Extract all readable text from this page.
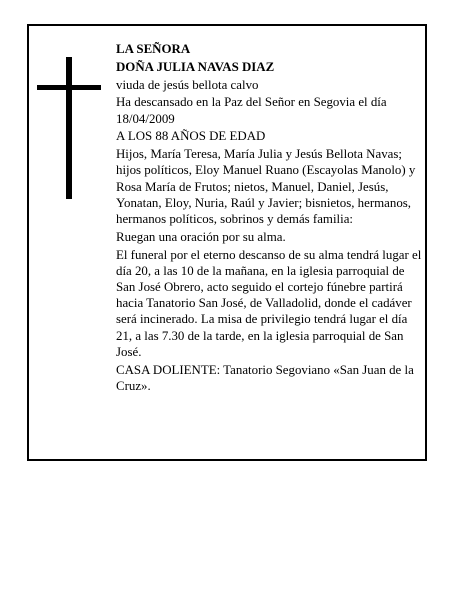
LA SEÑORA

DOÑA JULIA NAVAS DIAZ

viuda de jesús bellota calvo

Ha descansado en la Paz del Señor en Segovia el día 18/04/2009

A LOS 88 AÑOS DE EDAD

Hijos, María Teresa, María Julia y Jesús Bellota Navas; hijos políticos, Eloy Manuel Ruano (Escayolas Manolo) y Rosa María de Frutos; nietos, Manuel, Daniel, Jesús, Yonatan, Eloy, Nuria, Raúl y Javier; bisnietos, hermanos, hermanos políticos, sobrinos y demás familia:

Ruegan una oración por su alma.

El funeral por el eterno descanso de su alma tendrá lugar el día 20, a las 10 de la mañana, en la iglesia parroquial de San José Obrero, acto seguido el cortejo fúnebre partirá hacia Tanatorio San José, de Valladolid, donde el cadáver será incinerado. La misa de privilegio tendrá lugar el día 21, a las 7.30 de la tarde, en la iglesia parroquial de San José.

CASA DOLIENTE: Tanatorio Segoviano «San Juan de la Cruz».
